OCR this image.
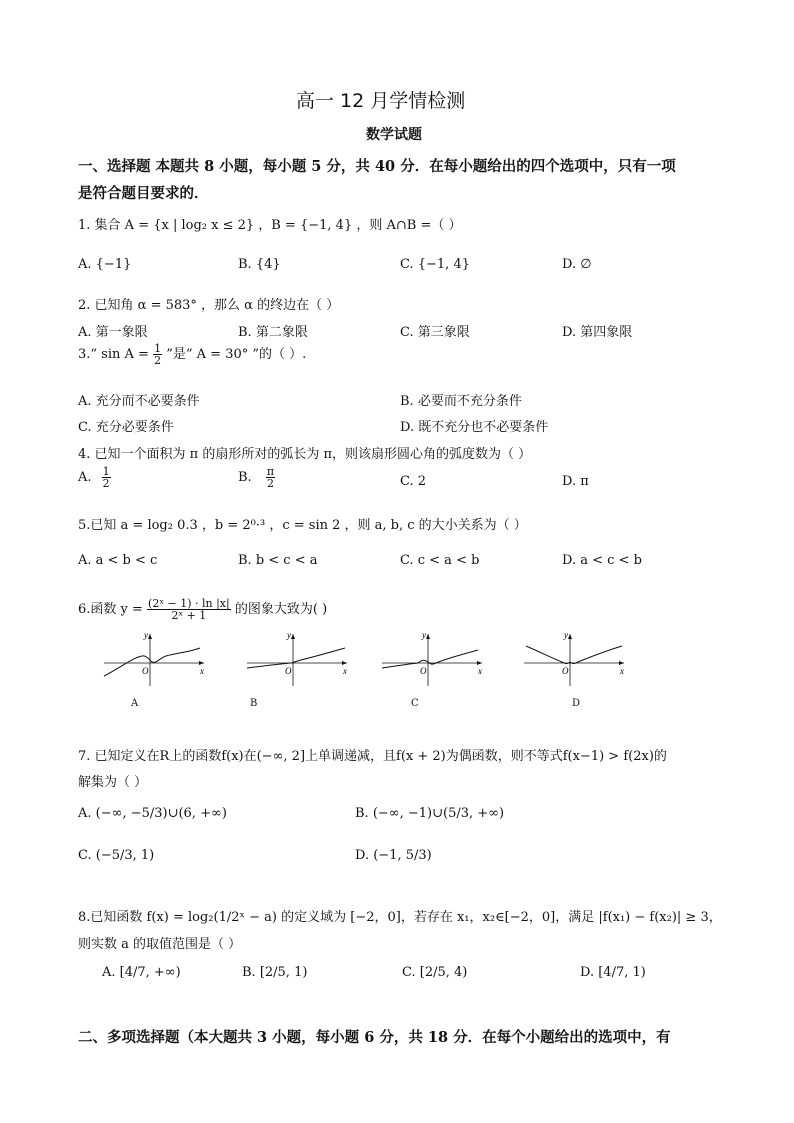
高一 12 月学情检测
数学试题
一、选择题 本题共 8 小题，每小题 5 分，共 40 分．在每小题给出的四个选项中，只有一项
是符合题目要求的．
1. 集合 A = {x | log₂ x ≤ 2} ，B = {−1, 4} ，则 A∩B =（ ）
A. {−1}	B. {4}	C. {−1, 4}	D. ∅
2. 已知角 α = 583° ，那么 α 的终边在（ ）
A. 第一象限	B. 第二象限	C. 第三象限	D. 第四象限
3.“ $\sin A = \frac{1}{2}$ ”是“ A = 30° ”的（ ）.
A. 充分而不必要条件	B. 必要而不充分条件
C. 充分必要条件	D. 既不充分也不必要条件
4. 已知一个面积为 π 的扇形所对的弧长为 π，则该扇形圆心角的弧度数为（ ）
A. $\frac{1}{2}$	B. $\frac{\pi}{2}$	C. 2	D. π
5.已知 a = log₂ 0.3 ，b = 2⁰·³ ，c = sin 2 ，则 a, b, c 的大小关系为（ ）
A. a < b < c	B. b < c < a	C. c < a < b	D. a < c < b
6.函数 $y = \frac{\text{(2ˣ − 1) · ln |x|}}{\text{2ˣ + 1}}$ 的图象大致为( )
y
x
O
A
y
x
O
B
y
x
O
C
y
x
O
D
7. 已知定义在R上的函数f(x)在(−∞, 2]上单调递减，且f(x + 2)为偶函数，则不等式f(x−1) > f(2x)的
解集为（ ）
A. (−∞, −5/3)∪(6, +∞)	B. (−∞, −1)∪(5/3, +∞)
C. (−5/3, 1)	D. (−1, 5/3)
8.已知函数 f(x) = log₂(1/2ˣ − a) 的定义域为 [−2，0]，若存在 x₁，x₂∈[−2，0]，满足 |f(x₁) − f(x₂)| ≥ 3，
则实数 a 的取值范围是（ ）
A. [4/7, +∞)	B. [2/5, 1)	C. [2/5, 4)	D. [4/7, 1)
二、多项选择题（本大题共 3 小题，每小题 6 分，共 18 分．在每个小题给出的选项中，有
